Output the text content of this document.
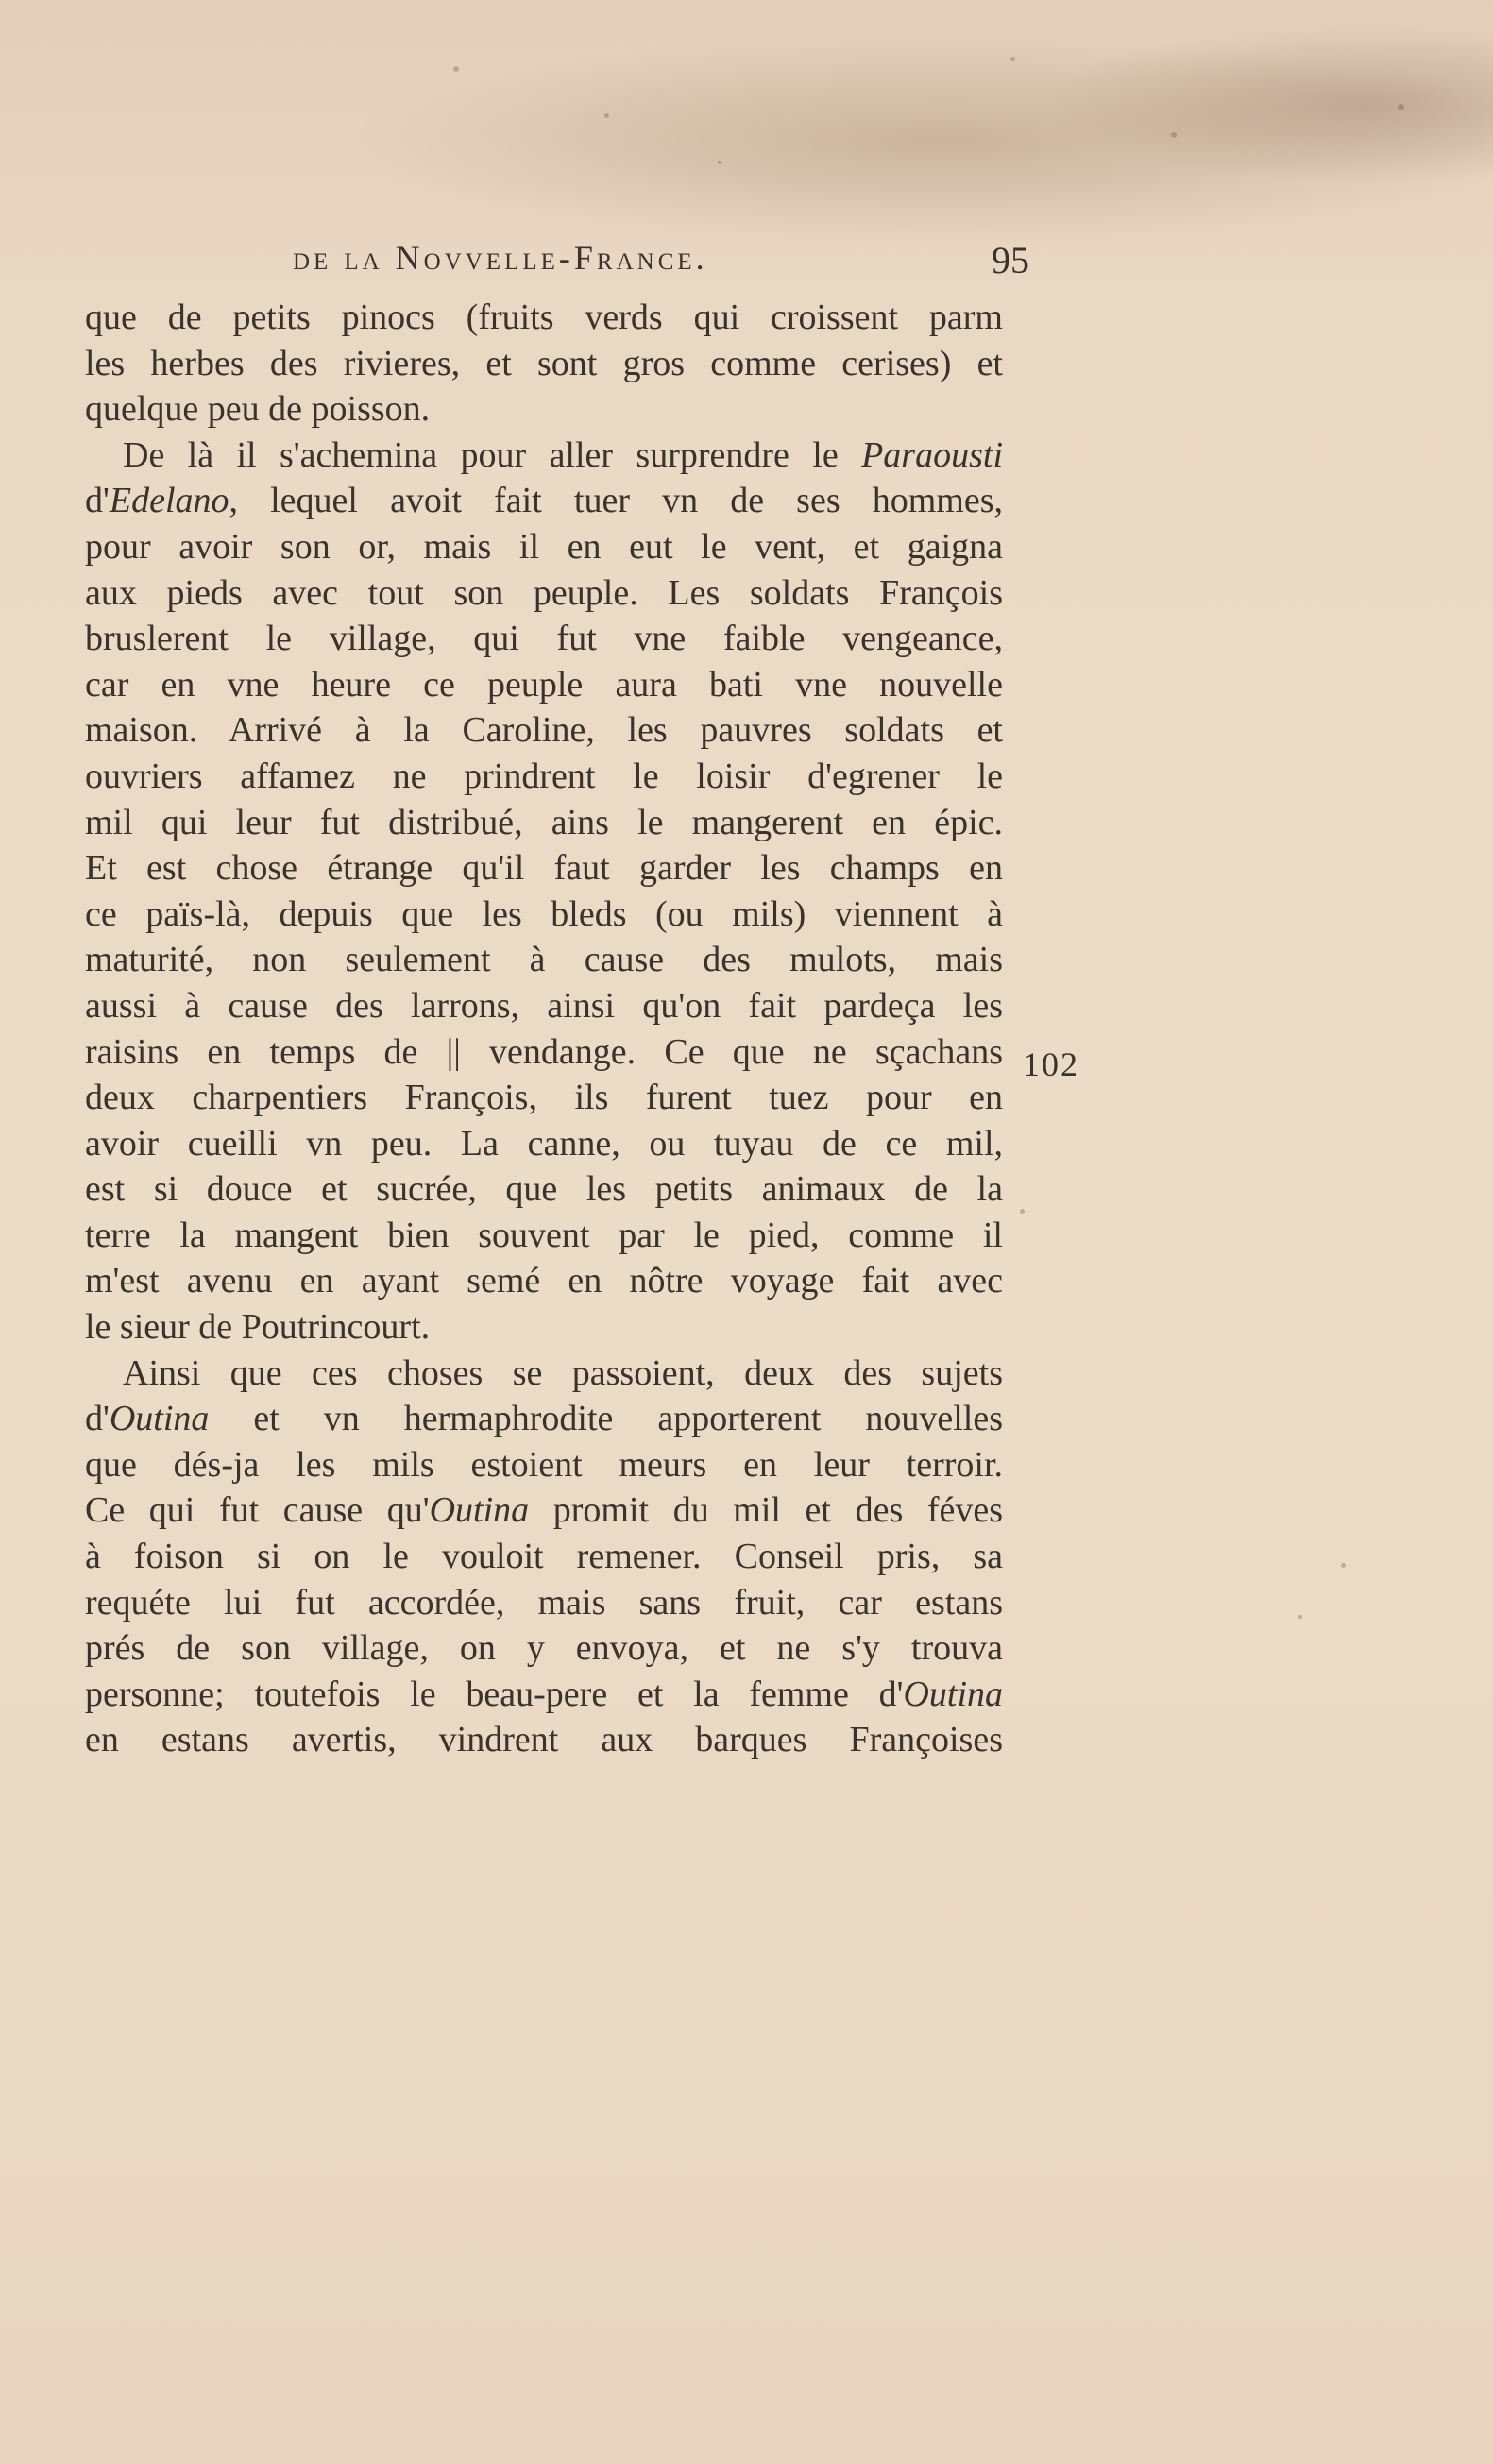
de la Novvelle-France.	95
que de petits pinocs (fruits verds qui croissent parm
les herbes des rivieres, et sont gros comme cerises) et
quelque peu de poisson.
De là il s'achemina pour aller surprendre le Paraousti
d'Edelano, lequel avoit fait tuer vn de ses hommes,
pour avoir son or, mais il en eut le vent, et gaigna
aux pieds avec tout son peuple. Les soldats François
bruslerent le village, qui fut vne faible vengeance,
car en vne heure ce peuple aura bati vne nouvelle
maison. Arrivé à la Caroline, les pauvres soldats et
ouvriers affamez ne prindrent le loisir d'egrener le
mil qui leur fut distribué, ains le mangerent en épic.
Et est chose étrange qu'il faut garder les champs en
ce païs-là, depuis que les bleds (ou mils) viennent à
maturité, non seulement à cause des mulots, mais
aussi à cause des larrons, ainsi qu'on fait pardeça les
raisins en temps de || vendange. Ce que ne sçachans
deux charpentiers François, ils furent tuez pour en
avoir cueilli vn peu. La canne, ou tuyau de ce mil,
est si douce et sucrée, que les petits animaux de la
terre la mangent bien souvent par le pied, comme il
m'est avenu en ayant semé en nôtre voyage fait avec
le sieur de Poutrincourt.
Ainsi que ces choses se passoient, deux des sujets
d'Outina et vn hermaphrodite apporterent nouvelles
que dés-ja les mils estoient meurs en leur terroir.
Ce qui fut cause qu'Outina promit du mil et des féves
à foison si on le vouloit remener. Conseil pris, sa
requéte lui fut accordée, mais sans fruit, car estans
prés de son village, on y envoya, et ne s'y trouva
personne; toutefois le beau-pere et la femme d'Outina
en estans avertis, vindrent aux barques Françoises
102
